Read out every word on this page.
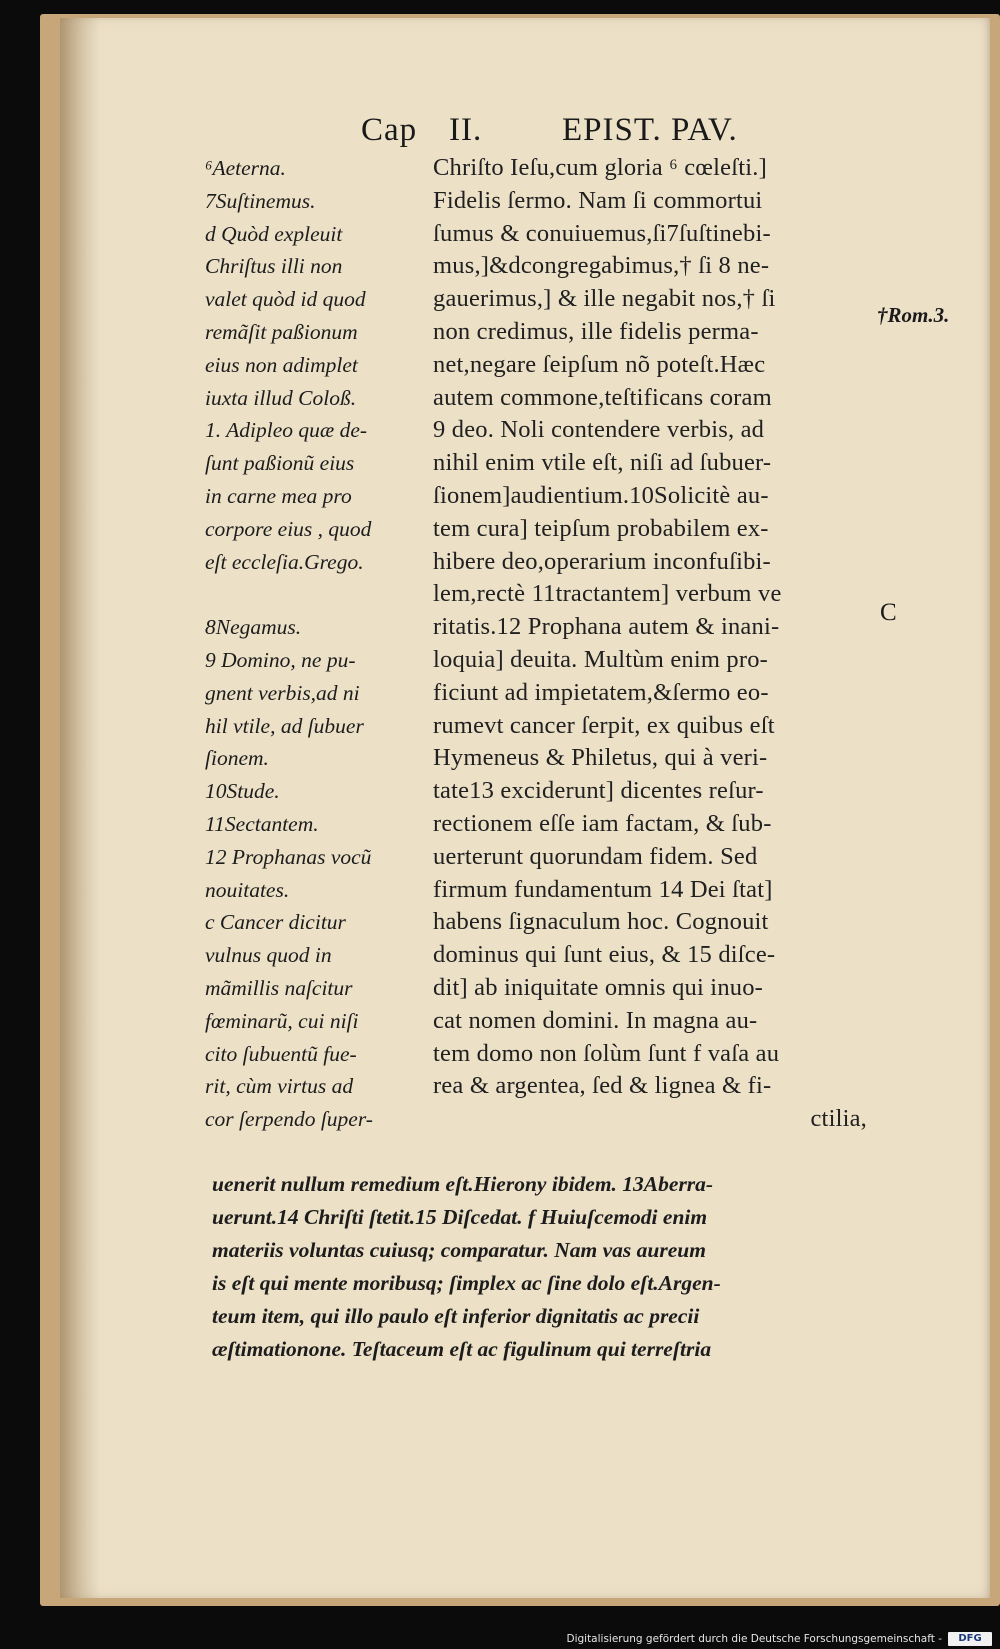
Cap II. EPIST. PAV.
⁶Aeterna.
7Suſtinemus.
d Quòd expleuit
Chriſtus illi non
valet quòd id quod
remãſit paßionum
eius non adimplet
iuxta illud Coloß.
1. Adipleo quæ de-
ſunt paßionũ eius
in carne mea pro
corpore eius , quod
eſt eccleſia.Grego.
8Negamus.
9 Domino, ne pu-
gnent verbis,ad ni
hil vtile, ad ſubuer
ſionem.
10Stude.
11Sectantem.
12 Prophanas vocũ
nouitates.
c Cancer dicitur
vulnus quod in
mãmillis naſcitur
fœminarũ, cui niſi
cito ſubuentũ fue-
rit, cùm virtus ad
cor ſerpendo ſuper-
Chriſto Ieſu,cum gloria ⁶ cœleſti.]
Fidelis ſermo. Nam ſi commortui
ſumus & conuiuemus,ſi7ſuſtinebi-
mus,]&dcongregabimus,† ſi 8 ne-
gauerimus,] & ille negabit nos,† ſi
non credimus, ille fidelis perma-
net,negare ſeipſum nõ poteſt.Hæc
autem commone,teſtificans coram
9 deo. Noli contendere verbis, ad
nihil enim vtile eſt, niſi ad ſubuer-
ſionem]audientium.10Solicitè au-
tem cura] teipſum probabilem ex-
hibere deo,operarium inconfuſibi-
lem,rectè 11tractantem] verbum ve
ritatis.12 Prophana autem & inani-
loquia] deuita. Multùm enim pro-
ficiunt ad impietatem,&ſermo eo-
rumevt cancer ſerpit, ex quibus eſt
Hymeneus & Philetus, qui à veri-
tate13 exciderunt] dicentes reſur-
rectionem eſſe iam factam, & ſub-
uerterunt quorundam fidem. Sed
firmum fundamentum 14 Dei ſtat]
habens ſignaculum hoc. Cognouit
dominus qui ſunt eius, & 15 diſce-
dit] ab iniquitate omnis qui inuo-
cat nomen domini. In magna au-
tem domo non ſolùm ſunt f vaſa au
rea & argentea, ſed & lignea & fi-
ctilia,
†Rom.3.
C
uenerit nullum remedium eſt.Hierony ibidem. 13Aberra-
uerunt.14 Chriſti ſtetit.15 Diſcedat. f Huiuſcemodi enim
materiis voluntas cuiusq; comparatur. Nam vas aureum
is eſt qui mente moribusq; ſimplex ac ſine dolo eſt.Argen-
teum item, qui illo paulo eſt inferior dignitatis ac precii
æſtimationone. Teſtaceum eſt ac figulinum qui terreſtria
Digitalisierung gefördert durch die Deutsche Forschungsgemeinschaft -	DFG
